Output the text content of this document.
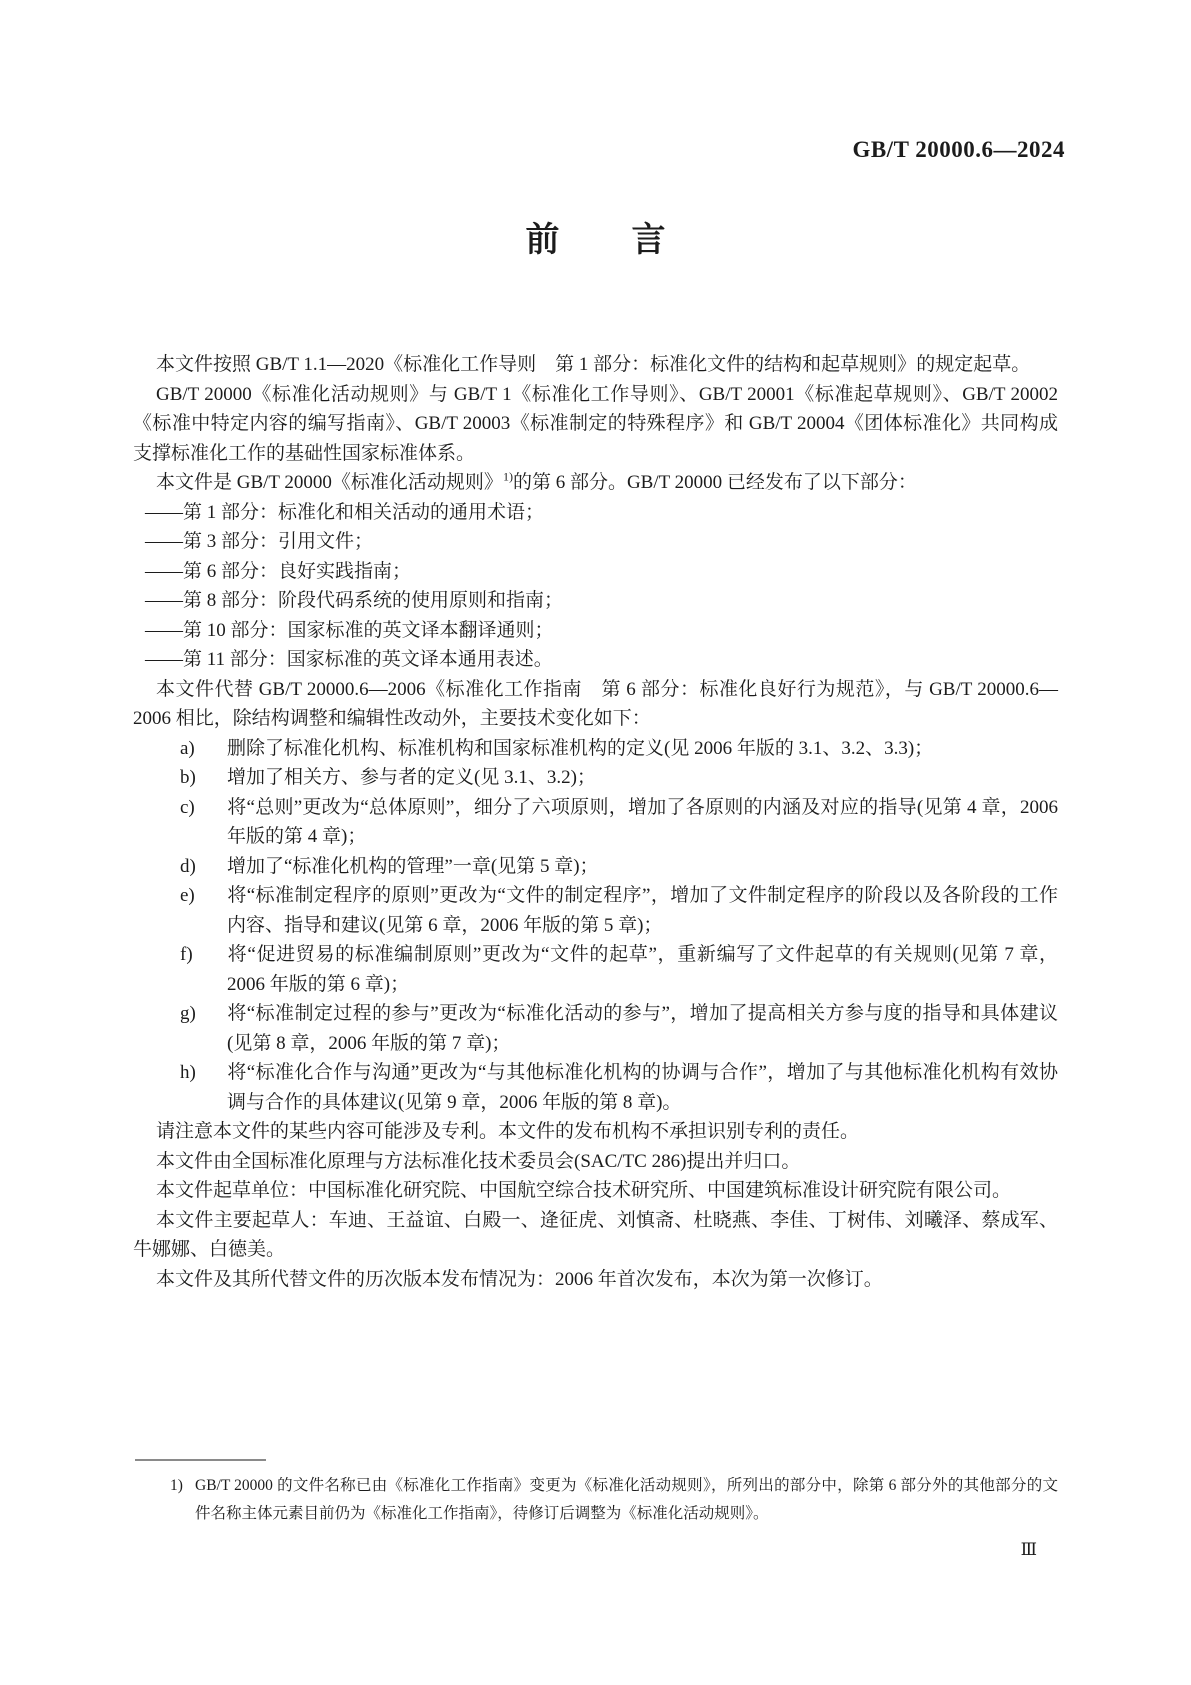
GB/T 20000.6—2024
前 言

本文件按照 GB/T 1.1—2020《标准化工作导则　第 1 部分：标准化文件的结构和起草规则》的规定起草。

GB/T 20000《标准化活动规则》与 GB/T 1《标准化工作导则》、GB/T 20001《标准起草规则》、GB/T 20002《标准中特定内容的编写指南》、GB/T 20003《标准制定的特殊程序》和 GB/T 20004《团体标准化》共同构成支撑标准化工作的基础性国家标准体系。

本文件是 GB/T 20000《标准化活动规则》$^{1)}$的第 6 部分。GB/T 20000 已经发布了以下部分：

——第 1 部分：标准化和相关活动的通用术语；

——第 3 部分：引用文件；

——第 6 部分：良好实践指南；

——第 8 部分：阶段代码系统的使用原则和指南；

——第 10 部分：国家标准的英文译本翻译通则；

——第 11 部分：国家标准的英文译本通用表述。

本文件代替 GB/T 20000.6—2006《标准化工作指南　第 6 部分：标准化良好行为规范》，与 GB/T 20000.6—2006 相比，除结构调整和编辑性改动外，主要技术变化如下：

a) 删除了标准化机构、标准机构和国家标准机构的定义(见 2006 年版的 3.1、3.2、3.3)；
b) 增加了相关方、参与者的定义(见 3.1、3.2)；
c) 将“总则”更改为“总体原则”，细分了六项原则，增加了各原则的内涵及对应的指导(见第 4 章，2006 年版的第 4 章)；
d) 增加了“标准化机构的管理”一章(见第 5 章)；
e) 将“标准制定程序的原则”更改为“文件的制定程序”，增加了文件制定程序的阶段以及各阶段的工作内容、指导和建议(见第 6 章，2006 年版的第 5 章)；
f) 将“促进贸易的标准编制原则”更改为“文件的起草”，重新编写了文件起草的有关规则(见第 7 章，2006 年版的第 6 章)；
g) 将“标准制定过程的参与”更改为“标准化活动的参与”，增加了提高相关方参与度的指导和具体建议(见第 8 章，2006 年版的第 7 章)；
h) 将“标准化合作与沟通”更改为“与其他标准化机构的协调与合作”，增加了与其他标准化机构有效协调与合作的具体建议(见第 9 章，2006 年版的第 8 章)。

请注意本文件的某些内容可能涉及专利。本文件的发布机构不承担识别专利的责任。

本文件由全国标准化原理与方法标准化技术委员会(SAC/TC 286)提出并归口。

本文件起草单位：中国标准化研究院、中国航空综合技术研究所、中国建筑标准设计研究院有限公司。

本文件主要起草人：车迪、王益谊、白殿一、逄征虎、刘慎斋、杜晓燕、李佳、丁树伟、刘曦泽、蔡成军、牛娜娜、白德美。

本文件及其所代替文件的历次版本发布情况为：2006 年首次发布，本次为第一次修订。

1) GB/T 20000 的文件名称已由《标准化工作指南》变更为《标准化活动规则》，所列出的部分中，除第 6 部分外的其他部分的文件名称主体元素目前仍为《标准化工作指南》，待修订后调整为《标准化活动规则》。
Ⅲ
